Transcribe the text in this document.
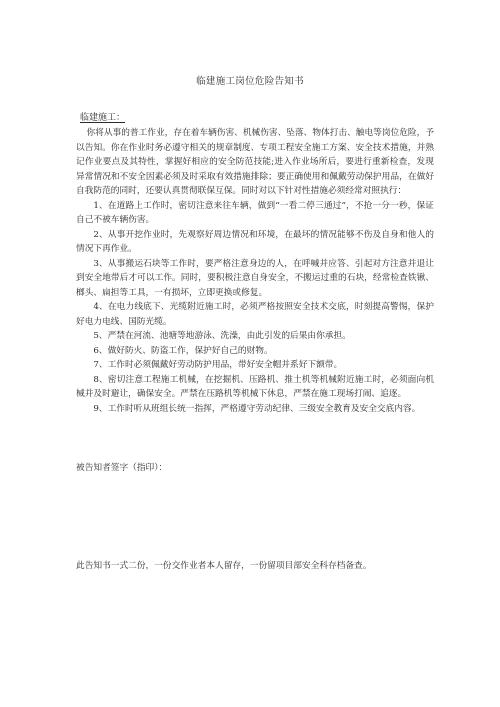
临建施工岗位危险告知书
临建施工：

你将从事的普工作业，存在着车辆伤害、机械伤害、坠落、物体打击、触电等岗位危险，予以告知。你在作业时务必遵守相关的规章制度、专项工程安全施工方案、安全技术措施，并熟记作业要点及其特性，掌握好相应的安全防范技能;进入作业场所后，要进行重新检查，发现异常情况和不安全因素必须及时采取有效措施排除；要正确使用和佩戴劳动保护用品，在做好自我防范的同时，还要认真贯彻联保互保。同时对以下针对性措施必须经常对照执行：

1、在道路上工作时，密切注意来往车辆，做到“一看二停三通过”，不抢一分一秒，保证自己不被车辆伤害。

2、从事开挖作业时，先观察好周边情况和环境，在最坏的情况能够不伤及自身和他人的情况下再作业。

3、从事搬运石块等工作时，要严格注意身边的人，在呼喊并应答、引起对方注意并退让到安全地带后才可以工作。同时，要积极注意自身安全，不搬运过重的石块，经常检查铁锹、榔头、扁担等工具，一有损坏，立即更换或修复。

4、在电力线底下、光缆附近施工时，必须严格按照安全技术交底，时刻提高警惕，保护好电力电线、国防光缆。

5、严禁在河流、池塘等地游泳、洗澡，由此引发的后果由你承担。

6、做好防火、防盗工作，保护好自己的财物。

7、工作时必须佩戴好劳动防护用品，带好安全帽并系好下额带。

8、密切注意工程施工机械，在挖掘机、压路机、推土机等机械附近施工时，必须面向机械并及时避让，确保安全。严禁在压路机等机械下休息，严禁在施工现场打闹、追逐。

9、工作时听从班组长统一指挥，严格遵守劳动纪律、三级安全教育及安全交底内容。

被告知者签字（指印）：
此告知书一式二份，一份交作业者本人留存，一份留项目部安全科存档备查。
